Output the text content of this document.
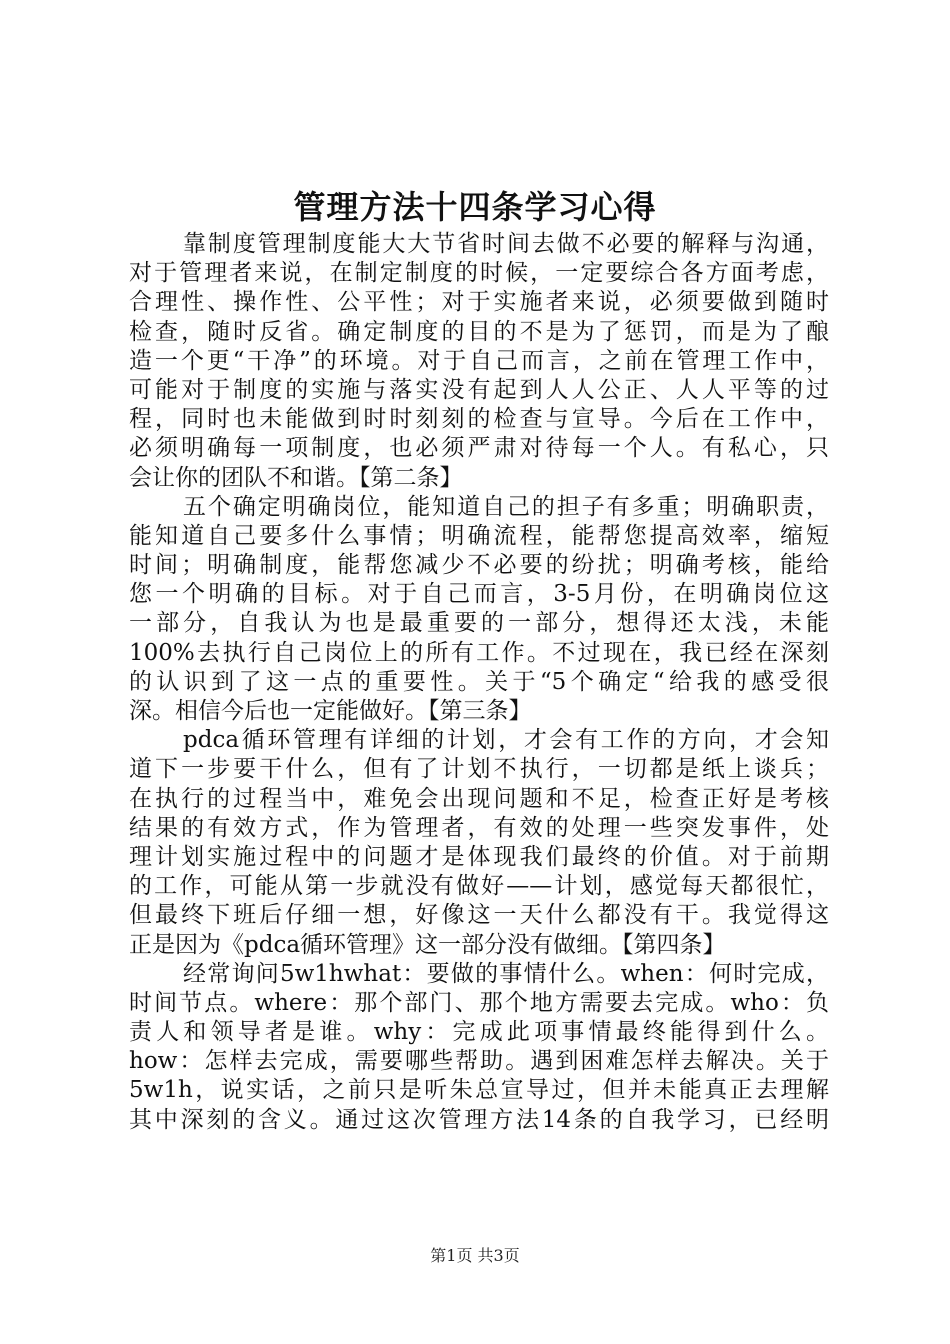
管理方法十四条学习心得
靠制度管理制度能大大节省时间去做不必要的解释与沟通，
对于管理者来说，在制定制度的时候，一定要综合各方面考虑，
合理性、操作性、公平性；对于实施者来说，必须要做到随时
检查，随时反省。确定制度的目的不是为了惩罚，而是为了酿
造一个更“干净”的环境。对于自己而言，之前在管理工作中，
可能对于制度的实施与落实没有起到人人公正、人人平等的过
程，同时也未能做到时时刻刻的检查与宣导。今后在工作中，
必须明确每一项制度，也必须严肃对待每一个人。有私心，只
会让你的团队不和谐。【第二条】
五个确定明确岗位，能知道自己的担子有多重；明确职责，
能知道自己要多什么事情；明确流程，能帮您提高效率，缩短
时间；明确制度，能帮您减少不必要的纷扰；明确考核，能给
您一个明确的目标。对于自己而言，3-5月份，在明确岗位这
一部分，自我认为也是最重要的一部分，想得还太浅，未能
100%去执行自己岗位上的所有工作。不过现在，我已经在深刻
的认识到了这一点的重要性。关于“5个确定“给我的感受很
深。相信今后也一定能做好。【第三条】
pdca循环管理有详细的计划，才会有工作的方向，才会知
道下一步要干什么，但有了计划不执行，一切都是纸上谈兵；
在执行的过程当中，难免会出现问题和不足，检查正好是考核
结果的有效方式，作为管理者，有效的处理一些突发事件，处
理计划实施过程中的问题才是体现我们最终的价值。对于前期
的工作，可能从第一步就没有做好——计划，感觉每天都很忙，
但最终下班后仔细一想，好像这一天什么都没有干。我觉得这
正是因为《pdca循环管理》这一部分没有做细。【第四条】
经常询问5w1hwhat：要做的事情什么。when：何时完成，
时间节点。where：那个部门、那个地方需要去完成。who：负
责人和领导者是谁。why：完成此项事情最终能得到什么。
how：怎样去完成，需要哪些帮助。遇到困难怎样去解决。关于
5w1h，说实话，之前只是听朱总宣导过，但并未能真正去理解
其中深刻的含义。通过这次管理方法14条的自我学习，已经明
第1页 共3页
